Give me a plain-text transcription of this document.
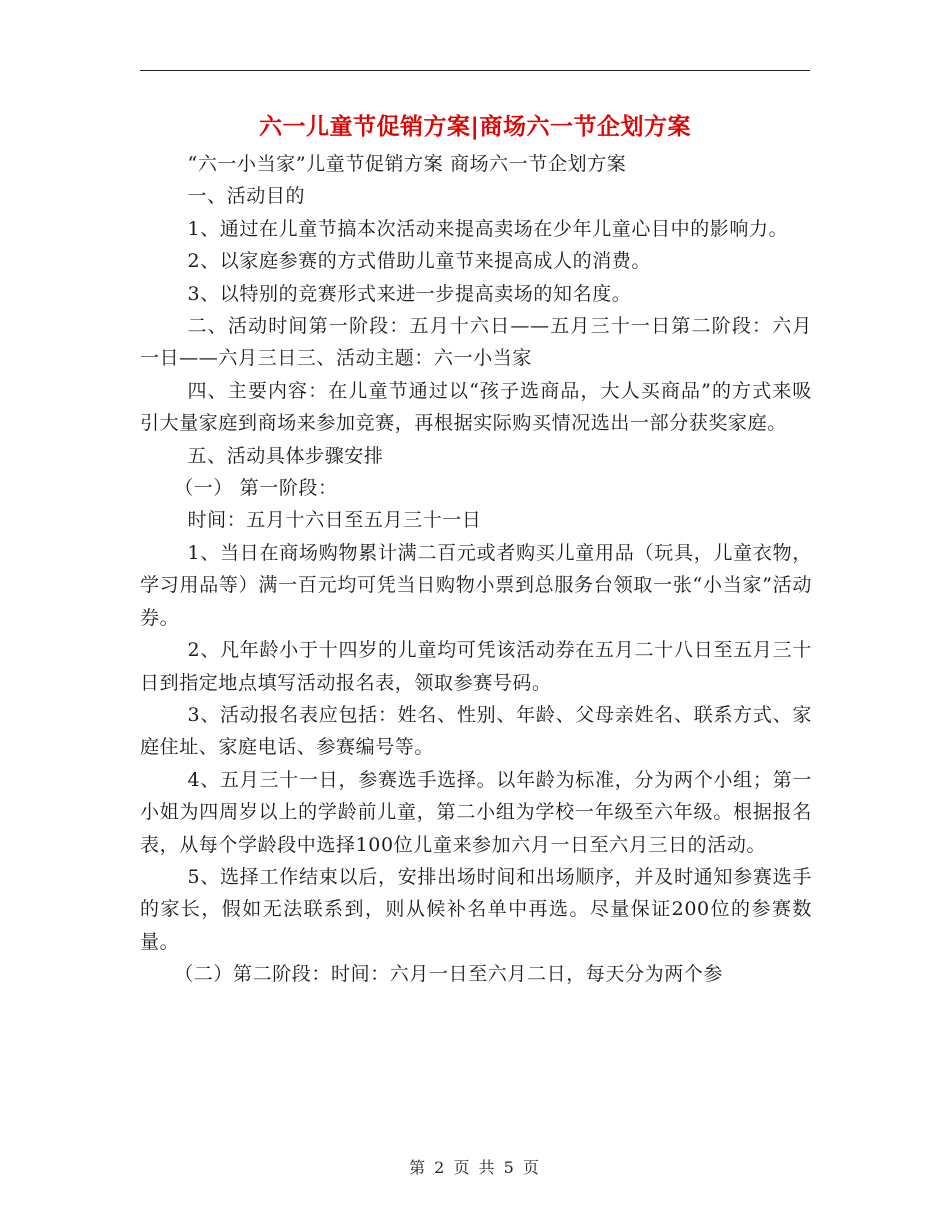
六一儿童节促销方案|商场六一节企划方案

“六一小当家”儿童节促销方案 商场六一节企划方案

一、活动目的

1、通过在儿童节搞本次活动来提高卖场在少年儿童心目中的影响力。

2、以家庭参赛的方式借助儿童节来提高成人的消费。

3、以特别的竞赛形式来进一步提高卖场的知名度。

二、活动时间第一阶段：五月十六日——五月三十一日第二阶段：六月一日——六月三日三、活动主题：六一小当家

四、主要内容：在儿童节通过以“孩子选商品，大人买商品”的方式来吸引大量家庭到商场来参加竞赛，再根据实际购买情况选出一部分获奖家庭。

五、活动具体步骤安排

（一） 第一阶段：

时间：五月十六日至五月三十一日

1、当日在商场购物累计满二百元或者购买儿童用品（玩具，儿童衣物，学习用品等）满一百元均可凭当日购物小票到总服务台领取一张“小当家”活动券。

2、凡年龄小于十四岁的儿童均可凭该活动券在五月二十八日至五月三十日到指定地点填写活动报名表，领取参赛号码。

3、活动报名表应包括：姓名、性别、年龄、父母亲姓名、联系方式、家庭住址、家庭电话、参赛编号等。

4、五月三十一日，参赛选手选择。以年龄为标准，分为两个小组；第一小姐为四周岁以上的学龄前儿童，第二小组为学校一年级至六年级。根据报名表，从每个学龄段中选择100位儿童来参加六月一日至六月三日的活动。

5、选择工作结束以后，安排出场时间和出场顺序，并及时通知参赛选手的家长，假如无法联系到，则从候补名单中再选。尽量保证200位的参赛数量。

（二）第二阶段：时间：六月一日至六月二日，每天分为两个参

第 2 页 共 5 页
